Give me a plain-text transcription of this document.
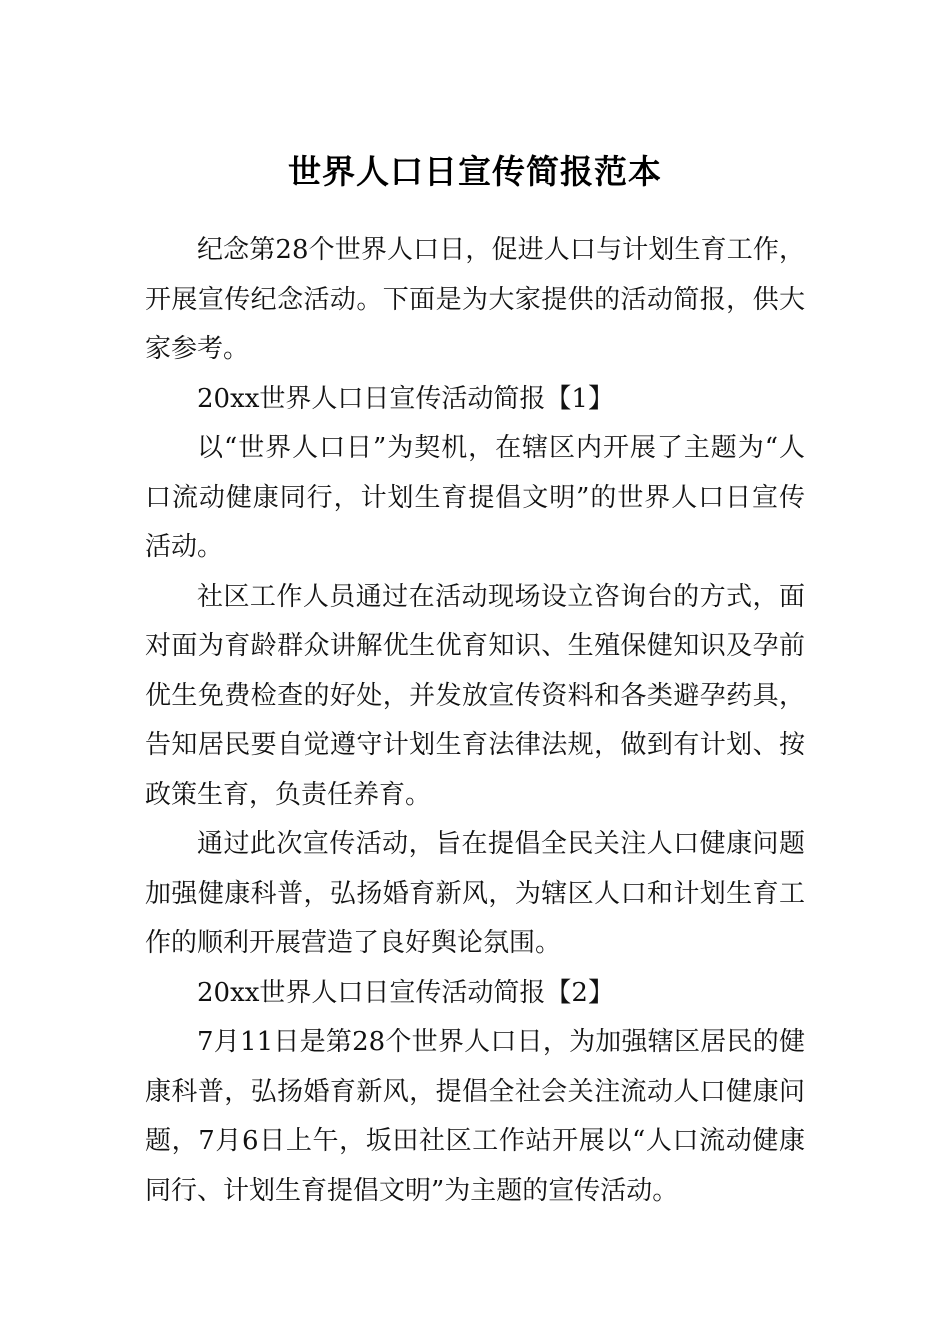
世界人口日宣传简报范本

纪念第28个世界人口日，促进人口与计划生育工作，开展宣传纪念活动。下面是为大家提供的活动简报，供大家参考。

20xx世界人口日宣传活动简报【1】

以“世界人口日”为契机，在辖区内开展了主题为“人口流动健康同行，计划生育提倡文明”的世界人口日宣传活动。

社区工作人员通过在活动现场设立咨询台的方式，面对面为育龄群众讲解优生优育知识、生殖保健知识及孕前优生免费检查的好处，并发放宣传资料和各类避孕药具，告知居民要自觉遵守计划生育法律法规，做到有计划、按政策生育，负责任养育。

通过此次宣传活动，旨在提倡全民关注人口健康问题加强健康科普，弘扬婚育新风，为辖区人口和计划生育工作的顺利开展营造了良好舆论氛围。

20xx世界人口日宣传活动简报【2】

7月11日是第28个世界人口日，为加强辖区居民的健康科普，弘扬婚育新风，提倡全社会关注流动人口健康问题，7月6日上午，坂田社区工作站开展以“人口流动健康同行、计划生育提倡文明”为主题的宣传活动。
